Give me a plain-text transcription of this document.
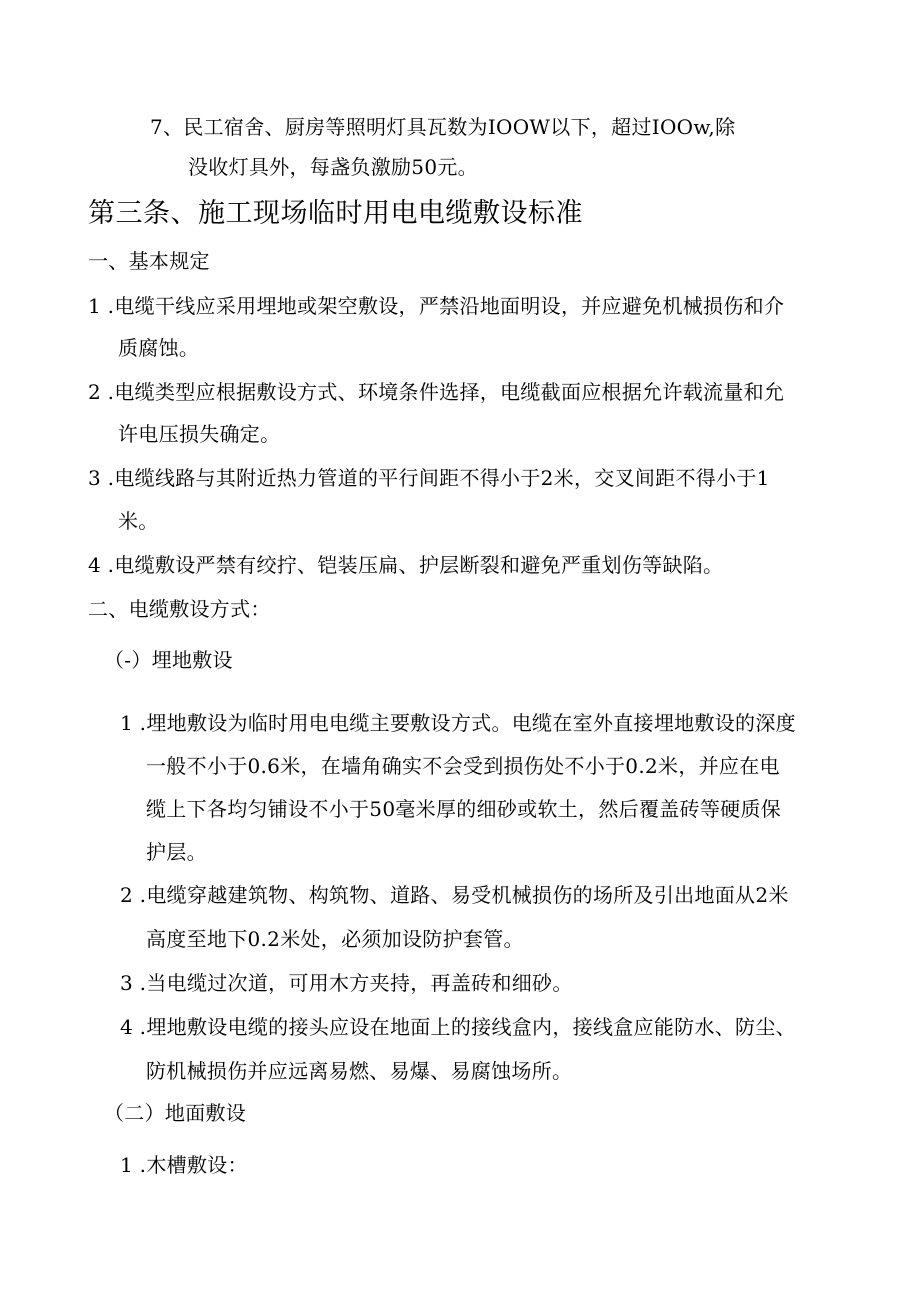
7、民工宿舍、厨房等照明灯具瓦数为IOOW以下，超过IOOw,除
没收灯具外，每盏负激励50元。
第三条、施工现场临时用电电缆敷设标准
一、基本规定
1 .电缆干线应采用埋地或架空敷设，严禁沿地面明设，并应避免机械损伤和介
质腐蚀。
2 .电缆类型应根据敷设方式、环境条件选择，电缆截面应根据允许载流量和允
许电压损失确定。
3 .电缆线路与其附近热力管道的平行间距不得小于2米，交叉间距不得小于1
米。
4 .电缆敷设严禁有绞拧、铠装压扁、护层断裂和避免严重划伤等缺陷。
二、电缆敷设方式：
（-）埋地敷设
1 .埋地敷设为临时用电电缆主要敷设方式。电缆在室外直接埋地敷设的深度
一般不小于0.6米，在墙角确实不会受到损伤处不小于0.2米，并应在电
缆上下各均匀铺设不小于50毫米厚的细砂或软土，然后覆盖砖等硬质保
护层。
2 .电缆穿越建筑物、构筑物、道路、易受机械损伤的场所及引出地面从2米
高度至地下0.2米处，必须加设防护套管。
3 .当电缆过次道，可用木方夹持，再盖砖和细砂。
4 .埋地敷设电缆的接头应设在地面上的接线盒内，接线盒应能防水、防尘、
防机械损伤并应远离易燃、易爆、易腐蚀场所。
（二）地面敷设
1 .木槽敷设：
